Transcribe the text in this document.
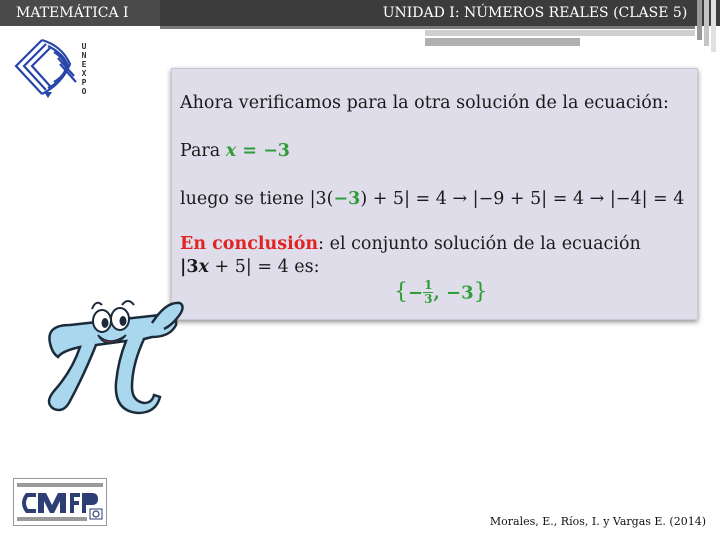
MATEMÁTICA I	UNIDAD I: NÚMEROS REALES (CLASE 5)
U
N
E
X
P
O
Ahora verificamos para la otra solución de la ecuación:
Para x = −3
luego se tiene |3(−3) + 5| = 4 → |−9 + 5| = 4 → |−4| = 4
En conclusión: el conjunto solución de la ecuación
|3x + 5| = 4 es:
{− $\frac{1}{3}$ , −3}
Morales, E., Ríos, I. y Vargas E. (2014)
